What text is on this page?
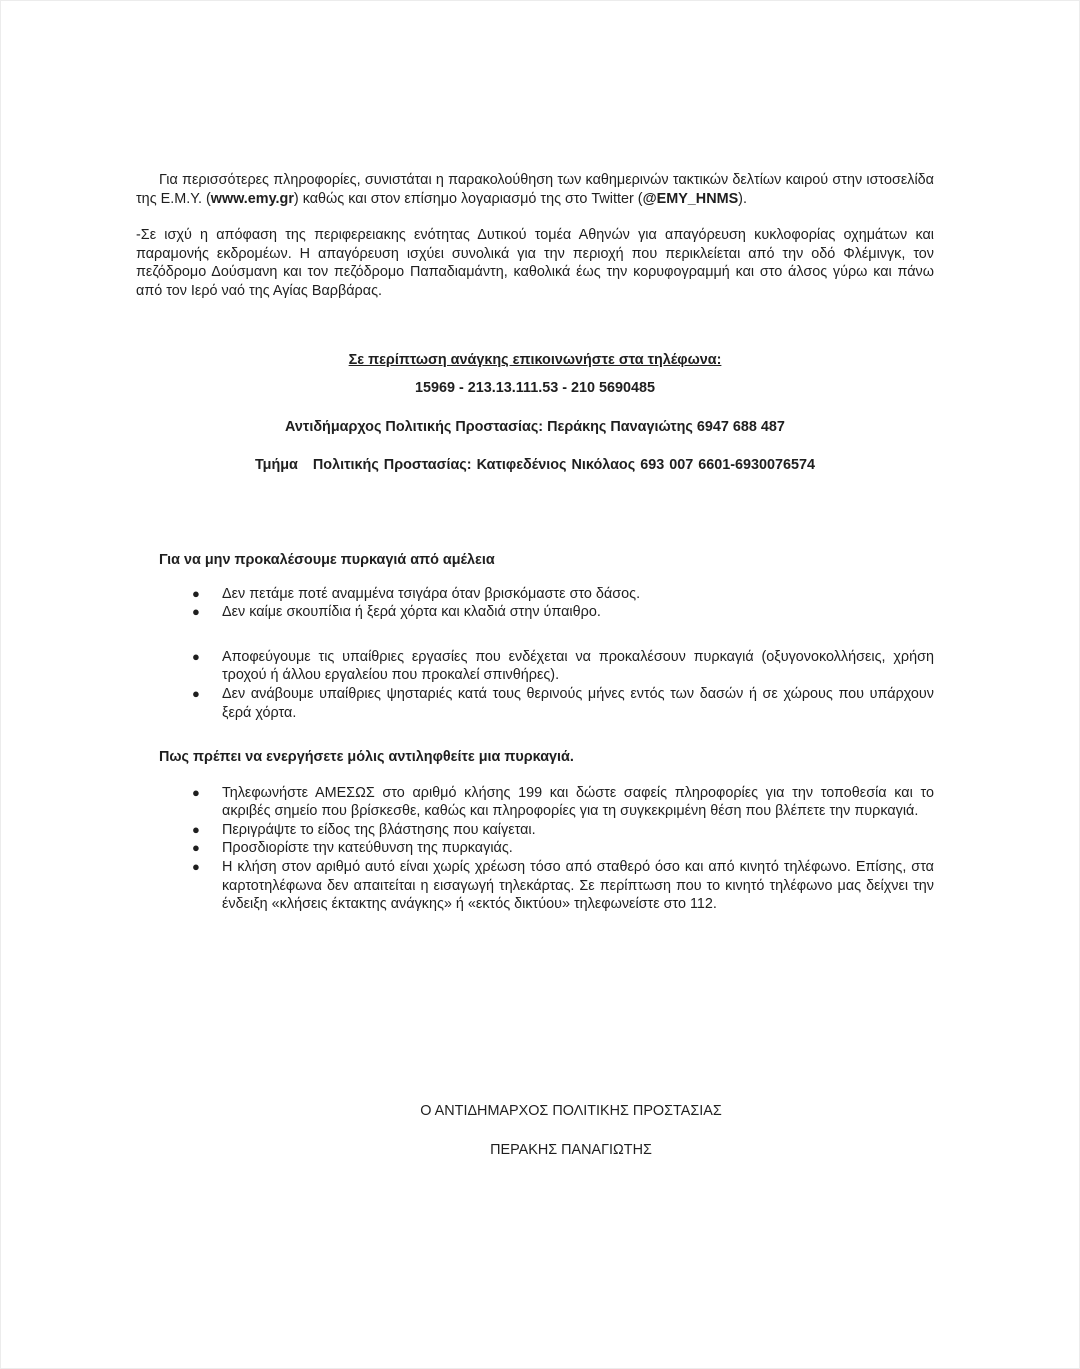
Για περισσότερες πληροφορίες, συνιστάται η παρακολούθηση των καθημερινών τακτικών δελτίων καιρού στην ιστοσελίδα της Ε.Μ.Υ. (www.emy.gr) καθώς και στον επίσημο λογαριασμό της στο Twitter (@EMY_HNMS).

-Σε ισχύ η απόφαση της περιφερειακης ενότητας Δυτικού τομέα Αθηνών για απαγόρευση κυκλοφορίας οχημάτων και παραμονής εκδρομέων. Η απαγόρευση ισχύει συνολικά για την περιοχή που περικλείεται από την οδό Φλέμινγκ, τον πεζόδρομο Δούσμανη και τον πεζόδρομο Παπαδιαμάντη, καθολικά έως την κορυφογραμμή και στο άλσος γύρω και πάνω από τον Ιερό ναό της Αγίας Βαρβάρας.

Σε περίπτωση ανάγκης επικοινωνήστε στα τηλέφωνα:

15969 - 213.13.111.53 - 210 5690485

Αντιδήμαρχος Πολιτικής Προστασίας: Περάκης Παναγιώτης 6947 688 487

Τμήμα Πολιτικής Προστασίας: Κατιφεδένιος Νικόλαος 693 007 6601-6930076574

Για να μην προκαλέσουμε πυρκαγιά από αμέλεια

● Δεν πετάμε ποτέ αναμμένα τσιγάρα όταν βρισκόμαστε στο δάσος.
● Δεν καίμε σκουπίδια ή ξερά χόρτα και κλαδιά στην ύπαιθρο.
● Αποφεύγουμε τις υπαίθριες εργασίες που ενδέχεται να προκαλέσουν πυρκαγιά (οξυγονοκολλήσεις, χρήση τροχού ή άλλου εργαλείου που προκαλεί σπινθήρες).
● Δεν ανάβουμε υπαίθριες ψησταριές κατά τους θερινούς μήνες εντός των δασών ή σε χώρους που υπάρχουν ξερά χόρτα.

Πως πρέπει να ενεργήσετε μόλις αντιληφθείτε μια πυρκαγιά.

● Τηλεφωνήστε ΑΜΕΣΩΣ στο αριθμό κλήσης 199 και δώστε σαφείς πληροφορίες για την τοποθεσία και το ακριβές σημείο που βρίσκεσθε, καθώς και πληροφορίες για τη συγκεκριμένη θέση που βλέπετε την πυρκαγιά.
● Περιγράψτε το είδος της βλάστησης που καίγεται.
● Προσδιορίστε την κατεύθυνση της πυρκαγιάς.
● Η κλήση στον αριθμό αυτό είναι χωρίς χρέωση τόσο από σταθερό όσο και από κινητό τηλέφωνο. Επίσης, στα καρτοτηλέφωνα δεν απαιτείται η εισαγωγή τηλεκάρτας. Σε περίπτωση που το κινητό τηλέφωνο μας δείχνει την ένδειξη «κλήσεις έκτακτης ανάγκης» ή «εκτός δικτύου» τηλεφωνείστε στο 112.

Ο ΑΝΤΙΔΗΜΑΡΧΟΣ ΠΟΛΙΤΙΚΗΣ ΠΡΟΣΤΑΣΙΑΣ

ΠΕΡΑΚΗΣ ΠΑΝΑΓΙΩΤΗΣ
